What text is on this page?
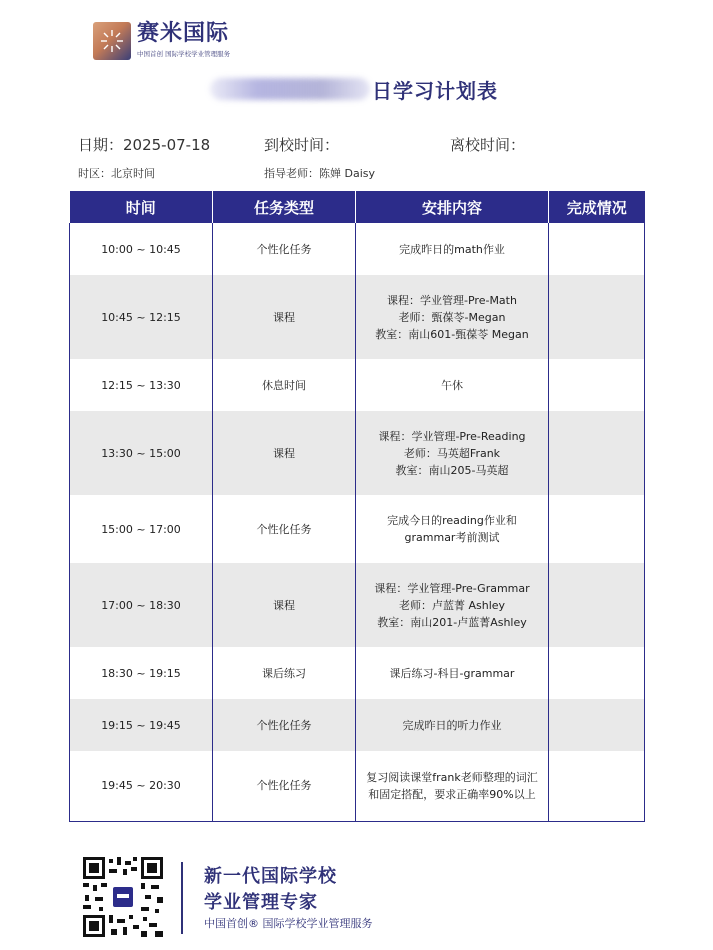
赛米国际
中国首创 国际学校学业管理服务
日学习计划表
日期：2025-07-18	到校时间：	离校时间：
时区：北京时间	指导老师：陈婵 Daisy
时间	任务类型	安排内容	完成情况
10:00 ~ 10:45	个性化任务	完成昨日的math作业	

10:45 ~ 12:15	课程	课程：学业管理-Pre-Math
老师：甄葆苓-Megan
教室：南山601-甄葆苓 Megan	

12:15 ~ 13:30	休息时间	午休	

13:30 ~ 15:00	课程	课程：学业管理-Pre-Reading
老师：马英超Frank
教室：南山205-马英超	

15:00 ~ 17:00	个性化任务	完成今日的reading作业和
grammar考前测试	

17:00 ~ 18:30	课程	课程：学业管理-Pre-Grammar
老师：卢蓝菁 Ashley
教室：南山201-卢蓝菁Ashley	

18:30 ~ 19:15	课后练习	课后练习-科目-grammar	

19:15 ~ 19:45	个性化任务	完成昨日的听力作业	

19:45 ~ 20:30	个性化任务	复习阅读课堂frank老师整理的词汇
和固定搭配，要求正确率90%以上	

新一代国际学校
学业管理专家
中国首创® 国际学校学业管理服务
